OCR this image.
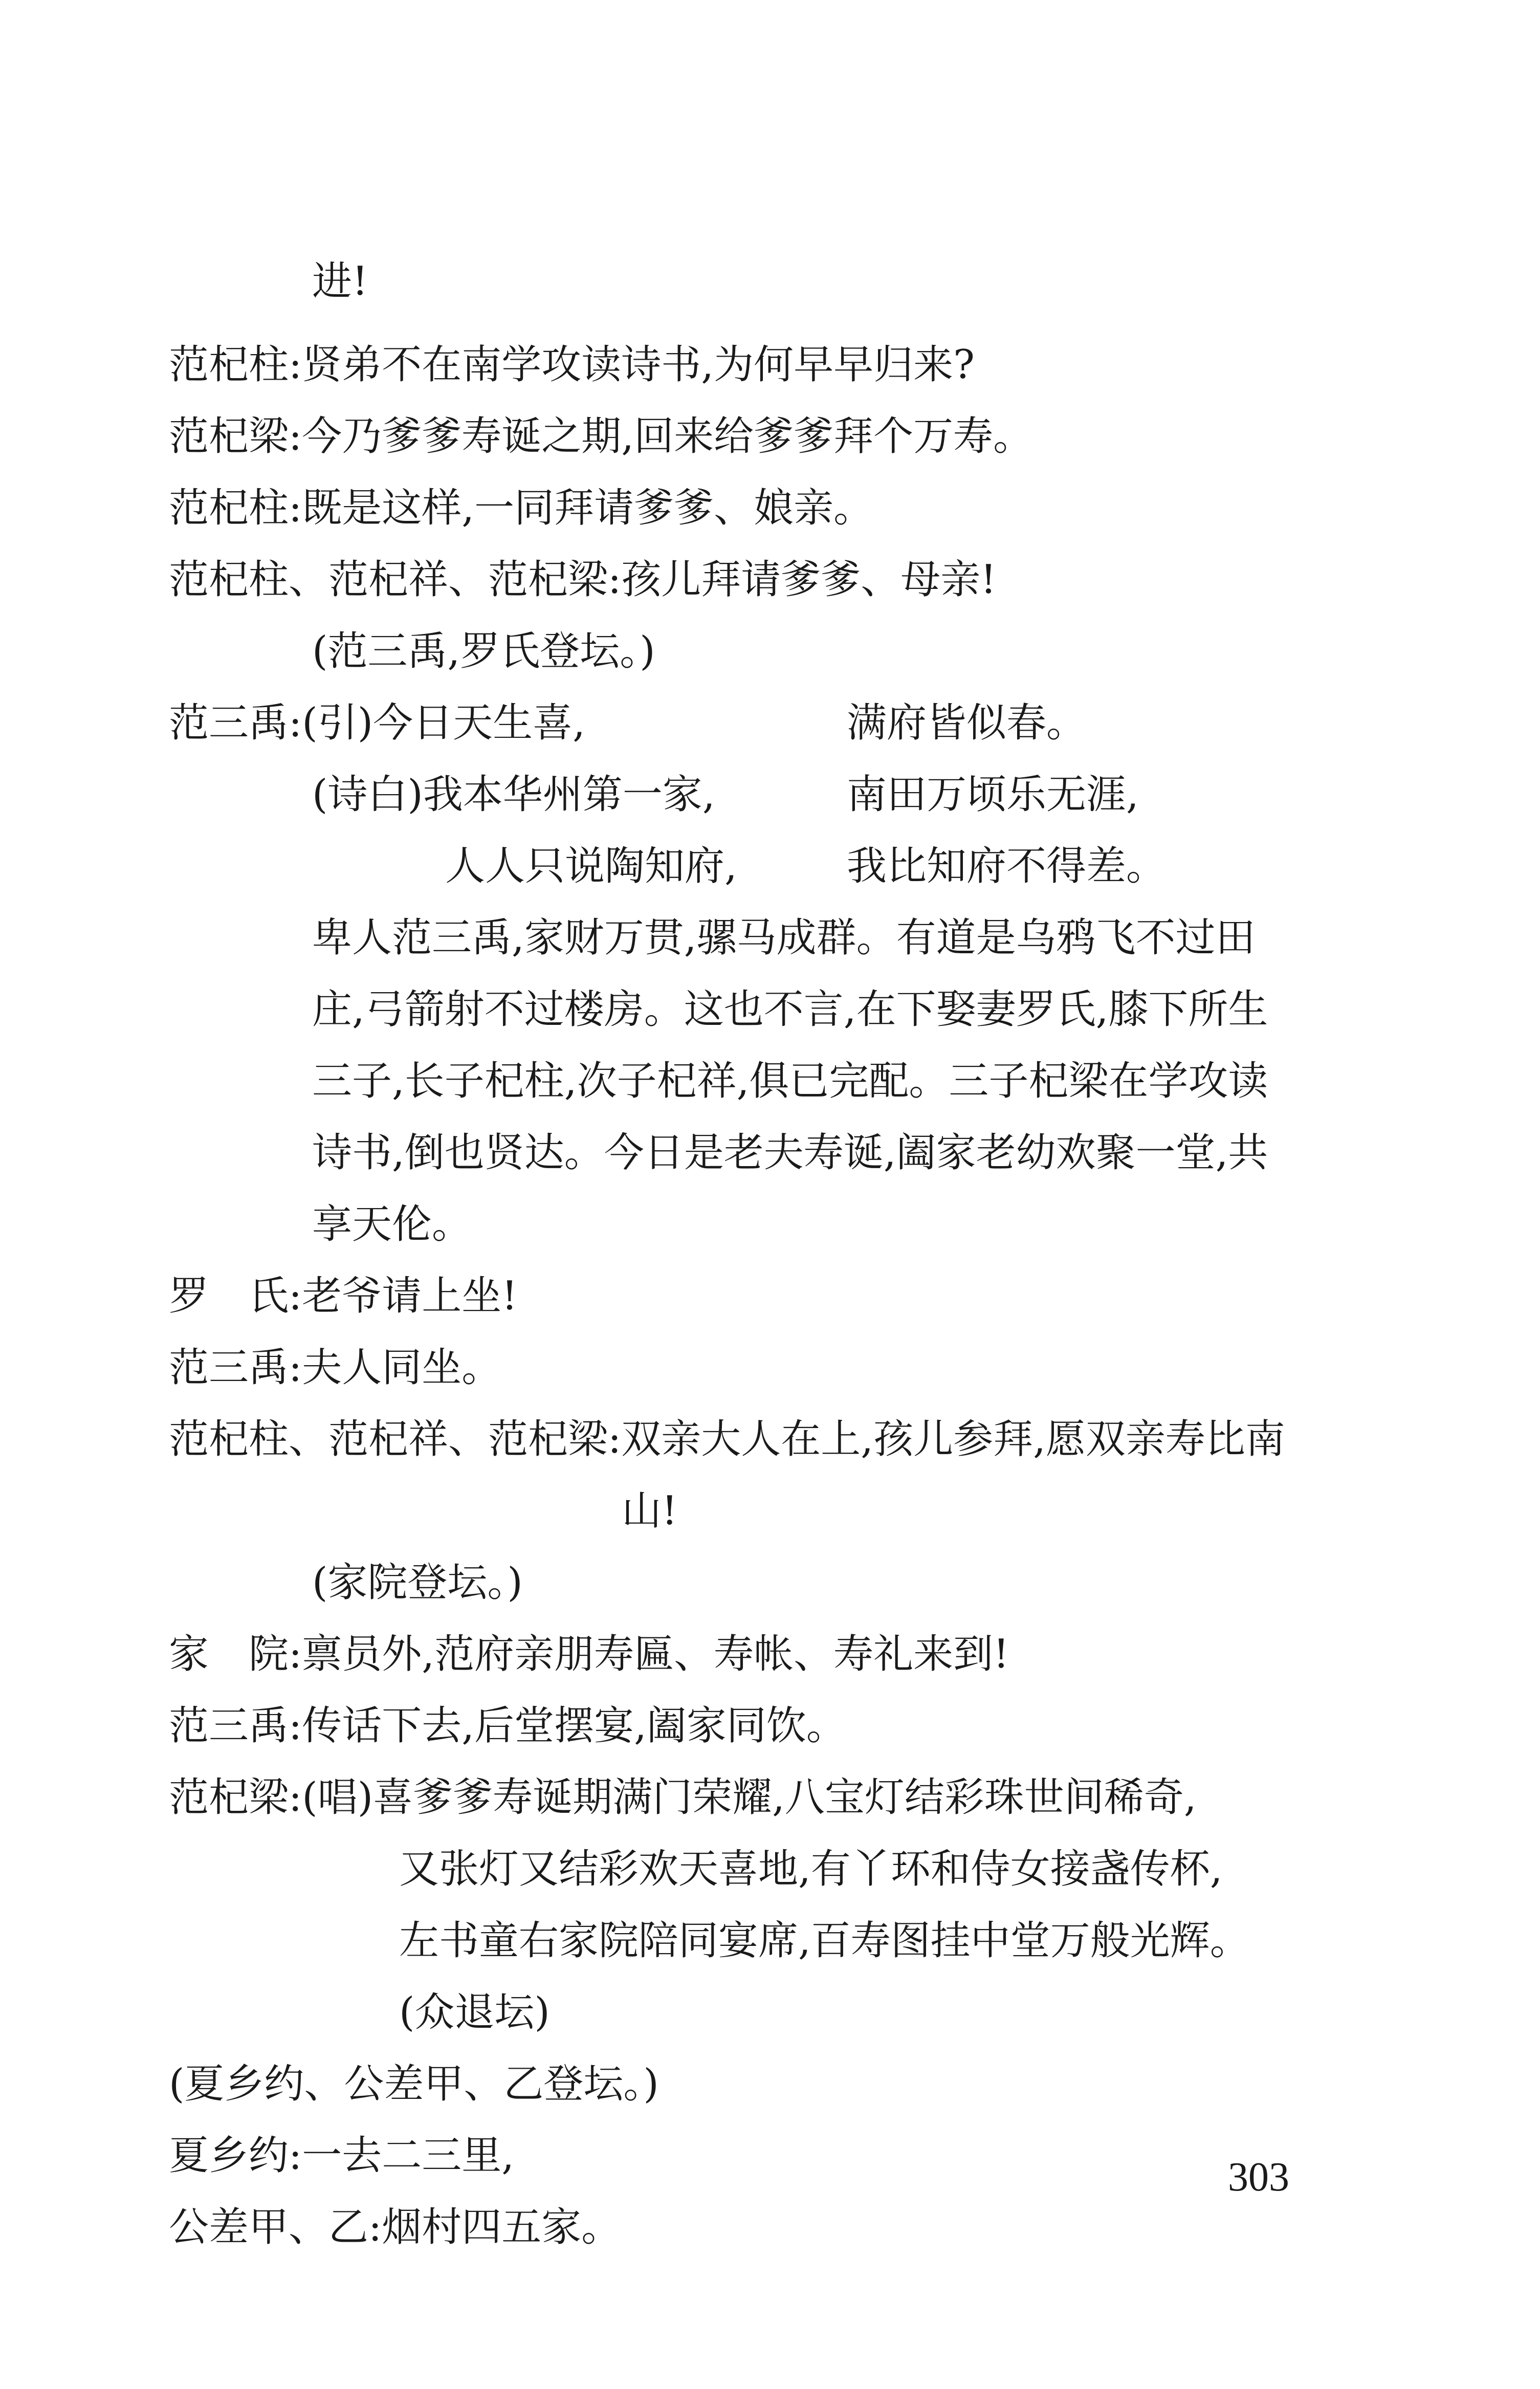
进!
范杞柱:贤弟不在南学攻读诗书,为何早早归来?
范杞梁:今乃爹爹寿诞之期,回来给爹爹拜个万寿。
范杞柱:既是这样,一同拜请爹爹、娘亲。
范杞柱、范杞祥、范杞梁:孩儿拜请爹爹、母亲!
(范三禹,罗氏登坛。)
范三禹:(引)今日天生喜,	满府皆似春。
(诗白)我本华州第一家,	南田万顷乐无涯,
人人只说陶知府,	我比知府不得差。
卑人范三禹,家财万贯,骡马成群。有道是乌鸦飞不过田
庄,弓箭射不过楼房。这也不言,在下娶妻罗氏,膝下所生
三子,长子杞柱,次子杞祥,俱已完配。三子杞梁在学攻读
诗书,倒也贤达。今日是老夫寿诞,阖家老幼欢聚一堂,共
享天伦。
罗　氏:老爷请上坐!
范三禹:夫人同坐。
范杞柱、范杞祥、范杞梁:双亲大人在上,孩儿参拜,愿双亲寿比南
山!
(家院登坛。)
家　院:禀员外,范府亲朋寿匾、寿帐、寿礼来到!
范三禹:传话下去,后堂摆宴,阖家同饮。
范杞梁:(唱)喜爹爹寿诞期满门荣耀,八宝灯结彩珠世间稀奇,
又张灯又结彩欢天喜地,有丫环和侍女接盏传杯,
左书童右家院陪同宴席,百寿图挂中堂万般光辉。
(众退坛)
(夏乡约、公差甲、乙登坛。)
夏乡约:一去二三里,
公差甲、乙:烟村四五家。
303
